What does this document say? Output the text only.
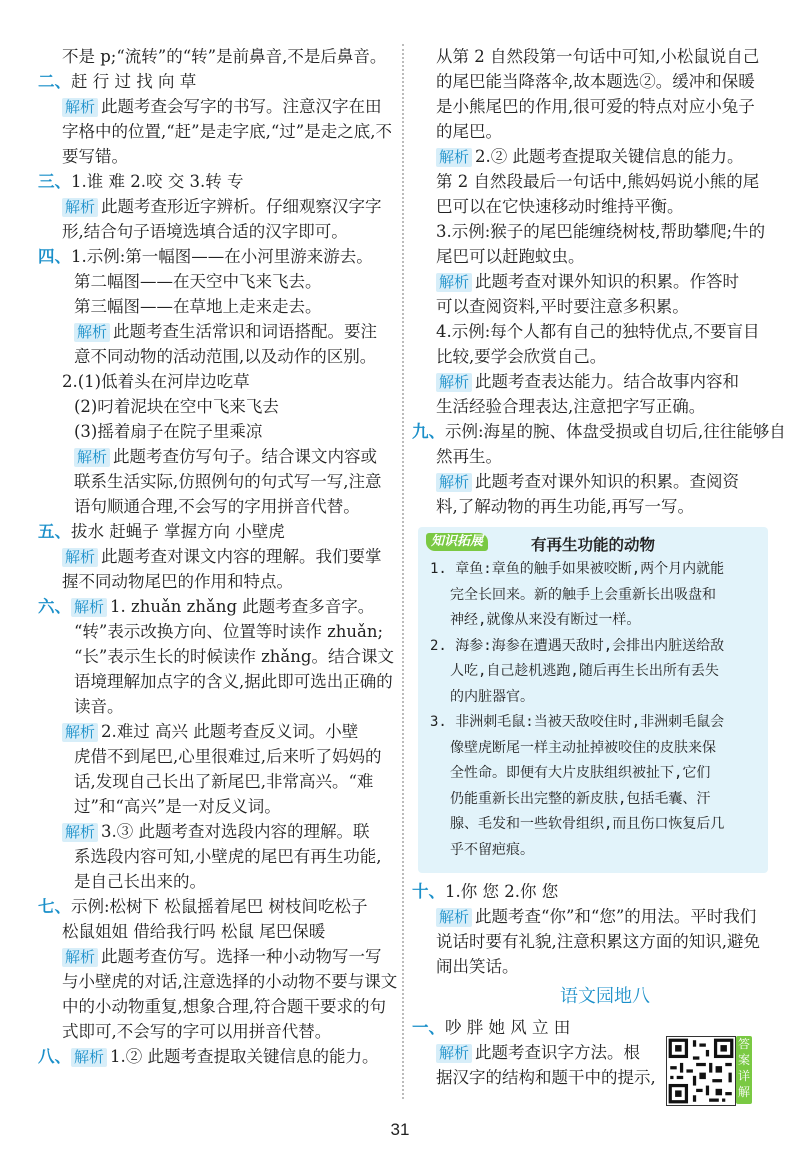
不是 p;“流转”的“转”是前鼻音,不是后鼻音。
二、赶 行 过 找 向 草
解析 此题考查会写字的书写。注意汉字在田
字格中的位置,“赶”是走字底,“过”是走之底,不
要写错。
三、1.谁 难 2.咬 交 3.转 专
解析 此题考查形近字辨析。仔细观察汉字字
形,结合句子语境选填合适的汉字即可。
四、1.示例:第一幅图——在小河里游来游去。
第二幅图——在天空中飞来飞去。
第三幅图——在草地上走来走去。
解析 此题考查生活常识和词语搭配。要注
意不同动物的活动范围,以及动作的区别。
2.(1)低着头在河岸边吃草
(2)叼着泥块在空中飞来飞去
(3)摇着扇子在院子里乘凉
解析 此题考查仿写句子。结合课文内容或
联系生活实际,仿照例句的句式写一写,注意
语句顺通合理,不会写的字用拼音代替。
五、拔水 赶蝇子 掌握方向 小壁虎
解析 此题考查对课文内容的理解。我们要掌
握不同动物尾巴的作用和特点。
六、 解析 1. zhuǎn zhǎng 此题考查多音字。
“转”表示改换方向、位置等时读作 zhuǎn;
“长”表示生长的时候读作 zhǎng。结合课文
语境理解加点字的含义,据此即可选出正确的
读音。
解析 2.难过 高兴 此题考查反义词。小壁
虎借不到尾巴,心里很难过,后来听了妈妈的
话,发现自己长出了新尾巴,非常高兴。“难
过”和“高兴”是一对反义词。
解析 3.③ 此题考查对选段内容的理解。联
系选段内容可知,小壁虎的尾巴有再生功能,
是自己长出来的。
七、示例:松树下 松鼠摇着尾巴 树枝间吃松子
松鼠姐姐 借给我行吗 松鼠 尾巴保暖
解析 此题考查仿写。选择一种小动物写一写
与小壁虎的对话,注意选择的小动物不要与课文
中的小动物重复,想象合理,符合题干要求的句
式即可,不会写的字可以用拼音代替。
八、 解析 1.② 此题考查提取关键信息的能力。
从第 2 自然段第一句话中可知,小松鼠说自己
的尾巴能当降落伞,故本题选②。缓冲和保暖
是小熊尾巴的作用,很可爱的特点对应小兔子
的尾巴。
解析 2.② 此题考查提取关键信息的能力。
第 2 自然段最后一句话中,熊妈妈说小熊的尾
巴可以在它快速移动时维持平衡。
3.示例:猴子的尾巴能缠绕树枝,帮助攀爬;牛的
尾巴可以赶跑蚊虫。
解析 此题考查对课外知识的积累。作答时
可以查阅资料,平时要注意多积累。
4.示例:每个人都有自己的独特优点,不要盲目
比较,要学会欣赏自己。
解析 此题考查表达能力。结合故事内容和
生活经验合理表达,注意把字写正确。
九、示例:海星的腕、体盘受损或自切后,往往能够自
然再生。
解析 此题考查对课外知识的积累。查阅资
料,了解动物的再生功能,再写一写。
知识拓展	有再生功能的动物
1. 章鱼:章鱼的触手如果被咬断,两个月内就能
完全长回来。新的触手上会重新长出吸盘和
神经,就像从来没有断过一样。
2. 海参:海参在遭遇天敌时,会排出内脏送给敌
人吃,自己趁机逃跑,随后再生长出所有丢失
的内脏器官。
3. 非洲刺毛鼠:当被天敌咬住时,非洲刺毛鼠会
像壁虎断尾一样主动扯掉被咬住的皮肤来保
全性命。即便有大片皮肤组织被扯下,它们
仍能重新长出完整的新皮肤,包括毛囊、汗
腺、毛发和一些软骨组织,而且伤口恢复后几
乎不留疤痕。
十、1.你 您 2.你 您
解析 此题考查“你”和“您”的用法。平时我们
说话时要有礼貌,注意积累这方面的知识,避免
闹出笑话。
语文园地八
一、吵 胖 她 风 立 田
解析 此题考查识字方法。根
据汉字的结构和题干中的提示,
答案详解
31
